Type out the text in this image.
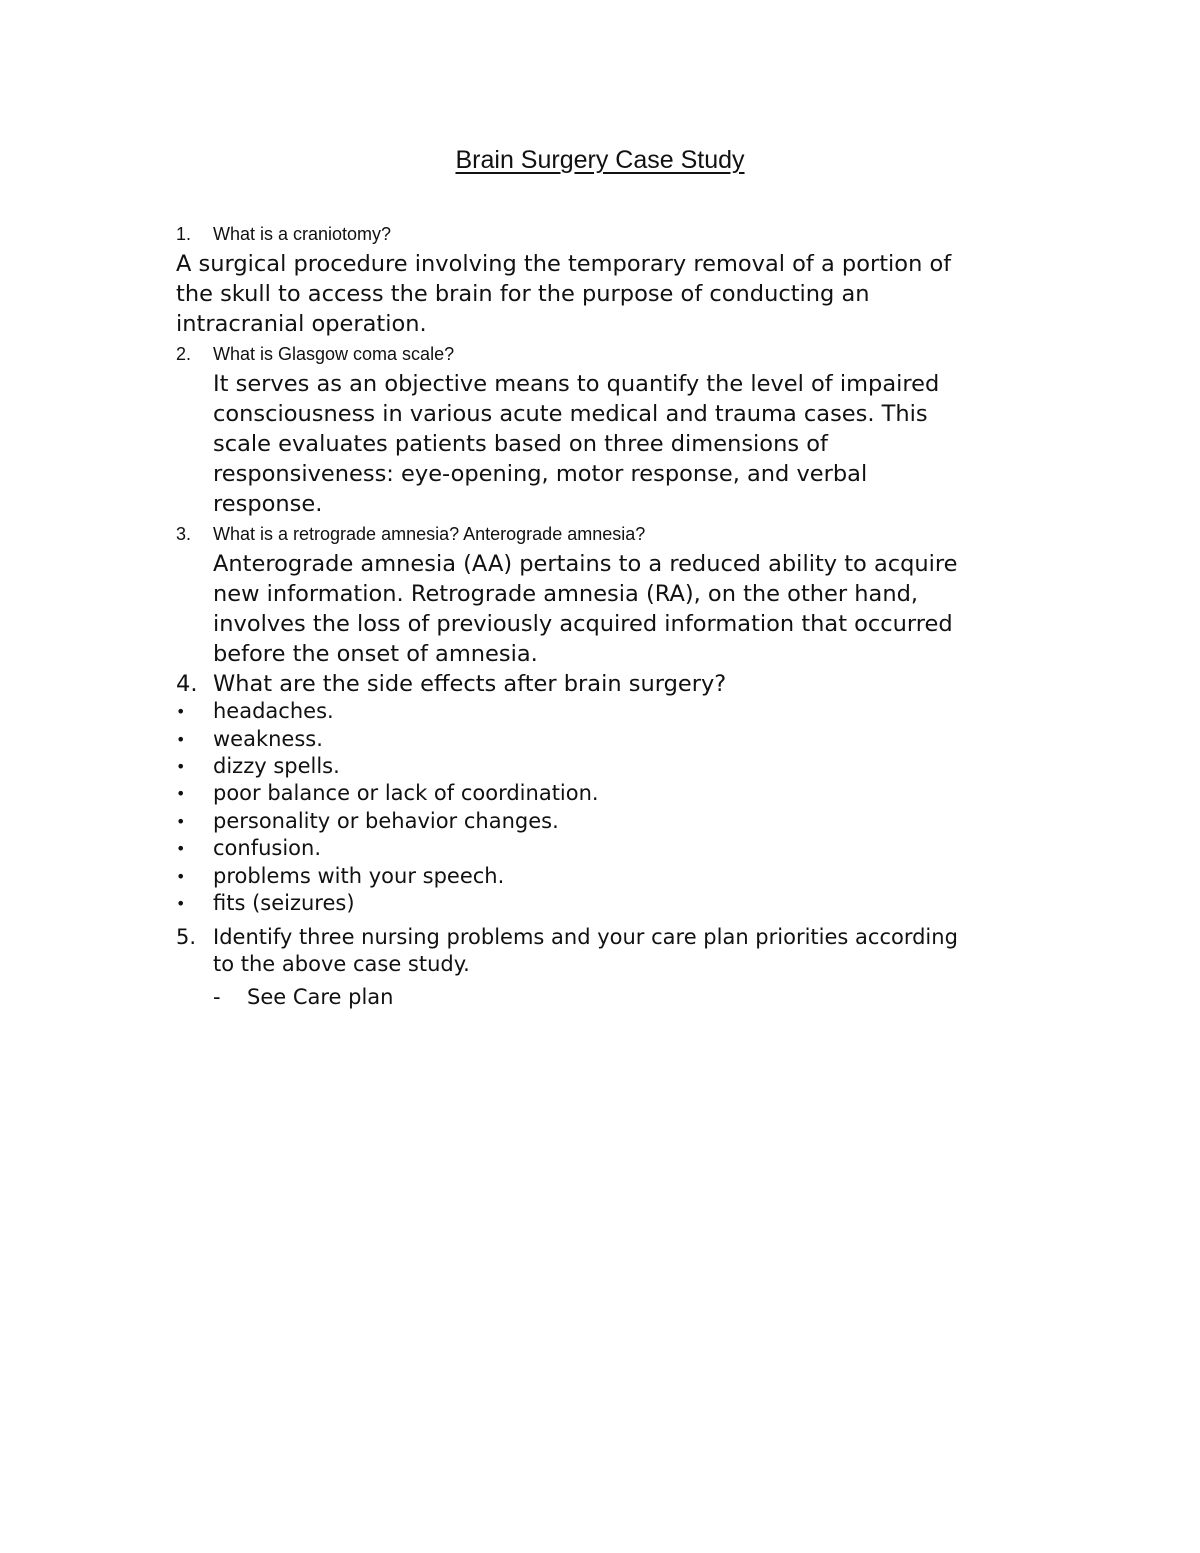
Brain Surgery Case Study
1. What is a craniotomy?
A surgical procedure involving the temporary removal of a portion of
the skull to access the brain for the purpose of conducting an
intracranial operation.
2. What is Glasgow coma scale?
It serves as an objective means to quantify the level of impaired
consciousness in various acute medical and trauma cases. This
scale evaluates patients based on three dimensions of
responsiveness: eye-opening, motor response, and verbal
response.
3. What is a retrograde amnesia? Anterograde amnesia?
Anterograde amnesia (AA) pertains to a reduced ability to acquire
new information. Retrograde amnesia (RA), on the other hand,
involves the loss of previously acquired information that occurred
before the onset of amnesia.
4. What are the side effects after brain surgery?
• headaches.
• weakness.
• dizzy spells.
• poor balance or lack of coordination.
• personality or behavior changes.
• confusion.
• problems with your speech.
• fits (seizures)
5. Identify three nursing problems and your care plan priorities according
to the above case study.
- See Care plan
